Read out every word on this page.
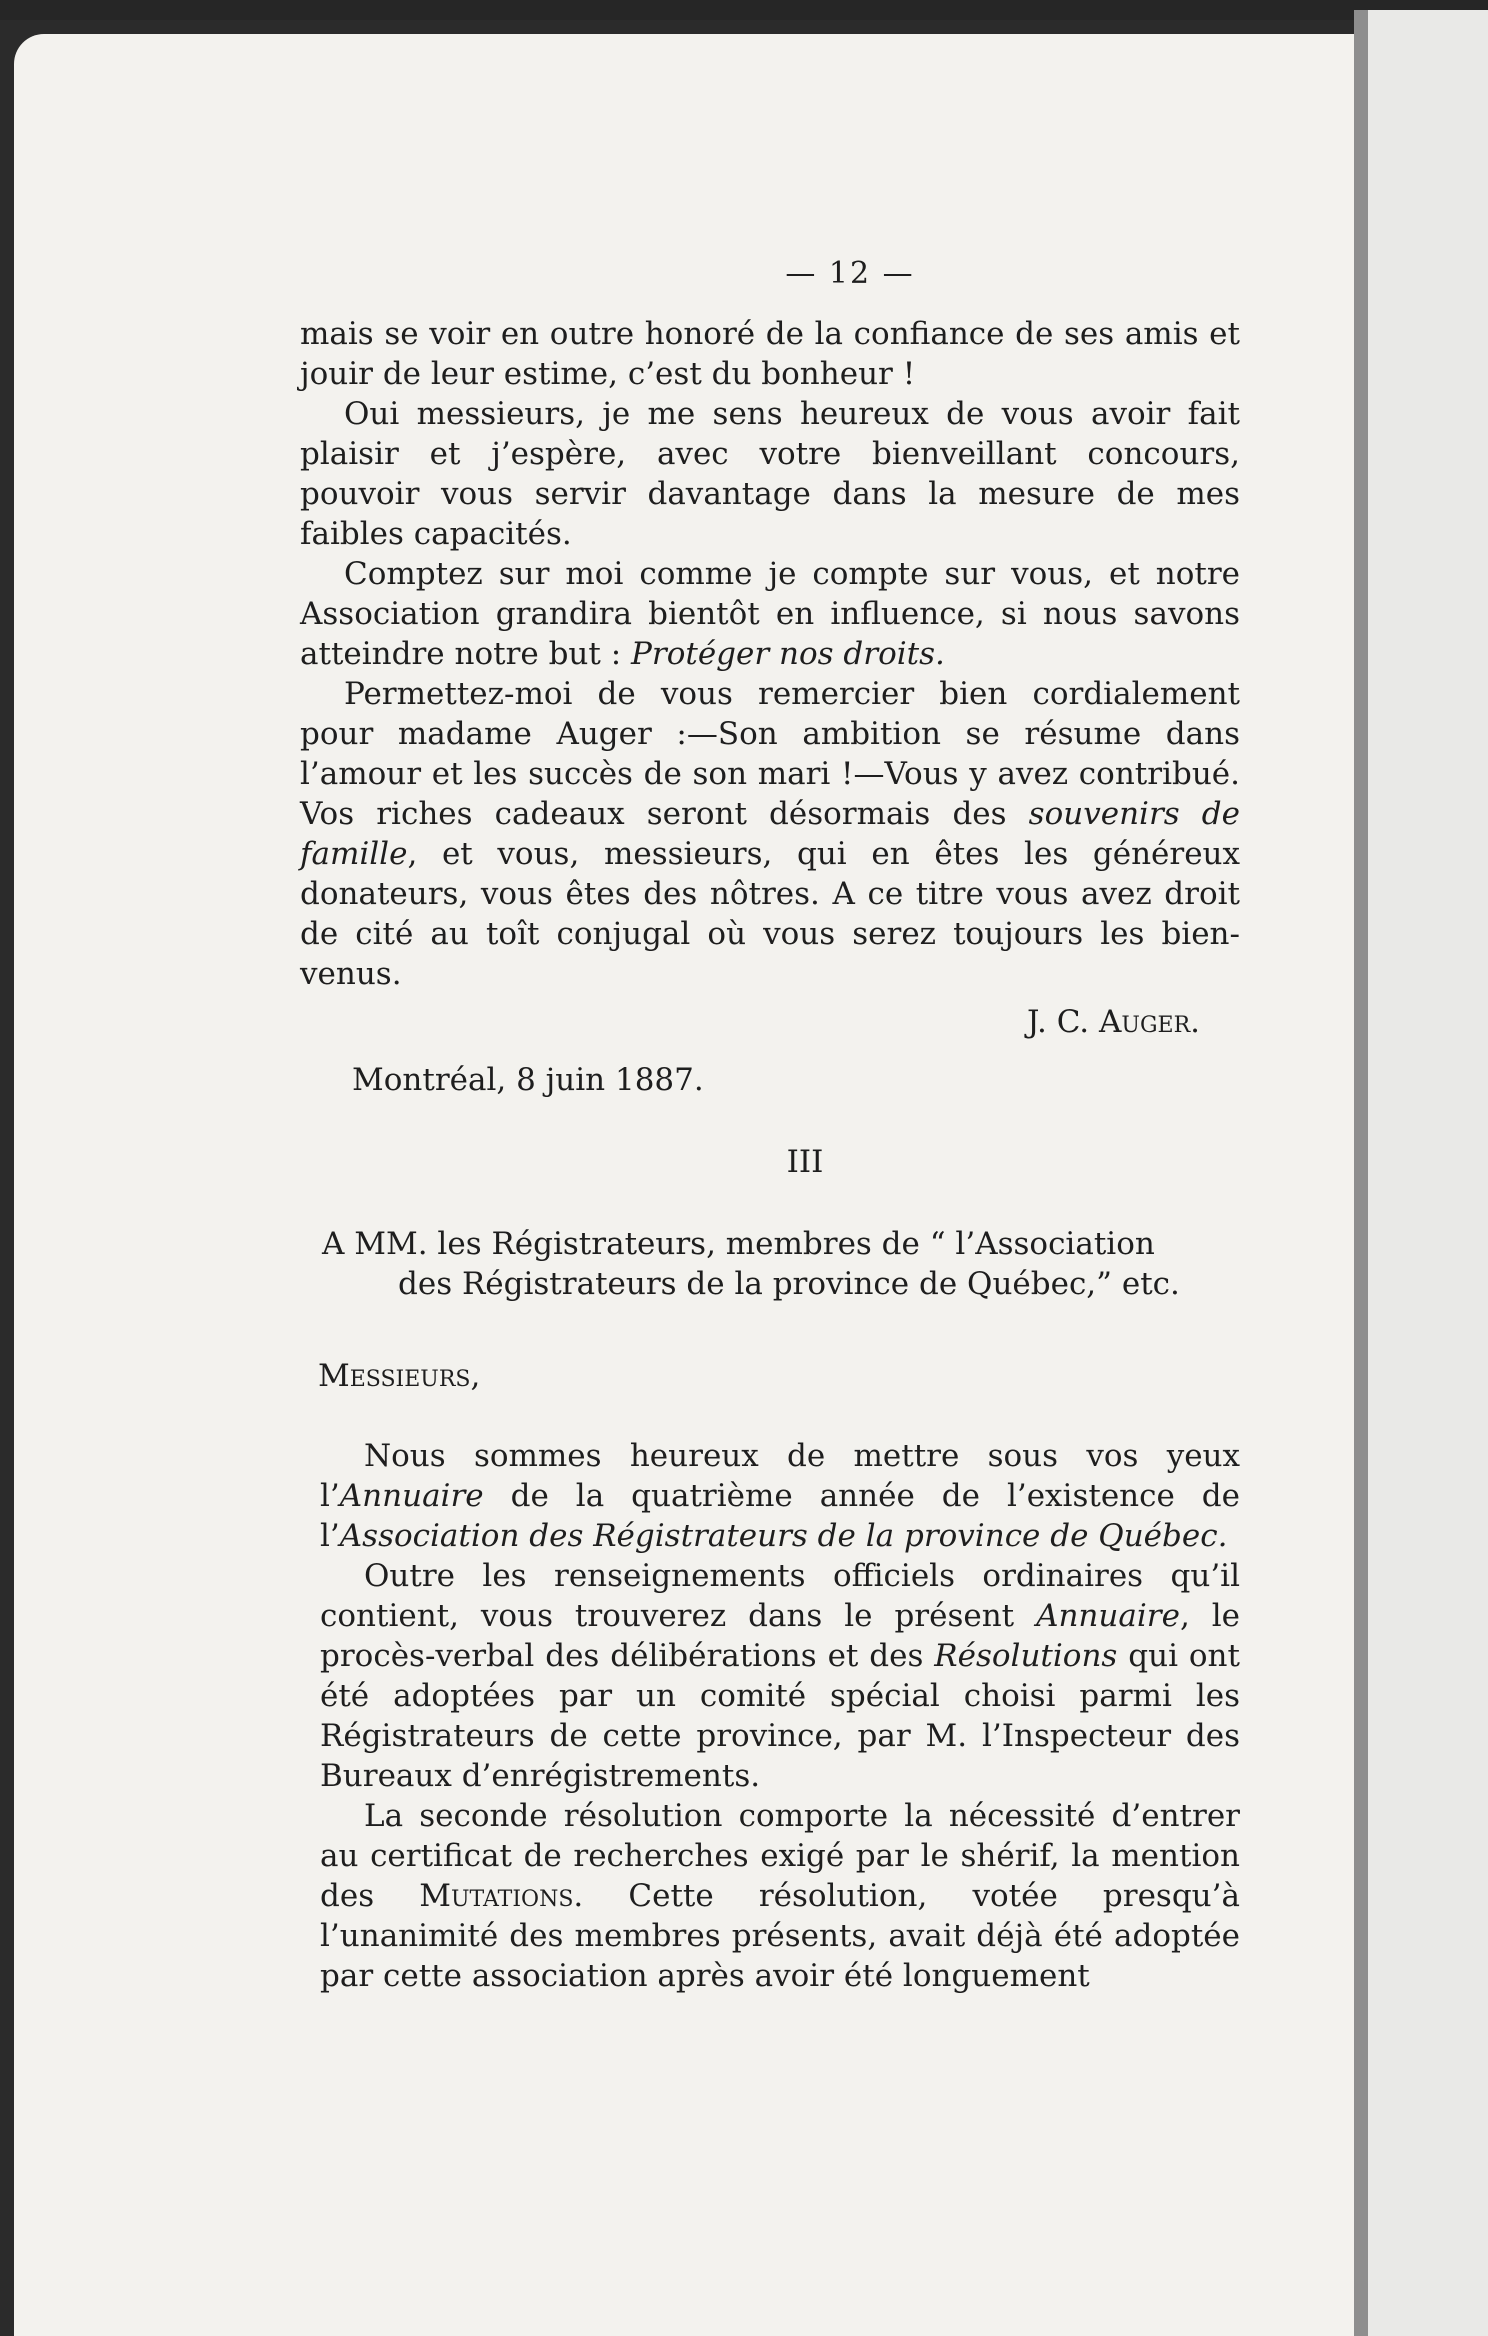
— 12 —

mais se voir en outre honoré de la confiance de ses amis et jouir de leur estime, c’est du bonheur !

Oui messieurs, je me sens heureux de vous avoir fait plaisir et j’espère, avec votre bienveillant concours, pouvoir vous servir davantage dans la mesure de mes faibles capacités.

Comptez sur moi comme je compte sur vous, et notre Association grandira bientôt en influence, si nous savons atteindre notre but : Protéger nos droits.

Permettez-moi de vous remercier bien cordialement pour madame Auger :—Son ambition se résume dans l’amour et les succès de son mari !—Vous y avez contribué. Vos riches cadeaux seront désormais des souvenirs de famille, et vous, messieurs, qui en êtes les généreux donateurs, vous êtes des nôtres. A ce titre vous avez droit de cité au toît conjugal où vous serez toujours les bien-venus.

J. C. Auger.

Montréal, 8 juin 1887.

III
A MM. les Régistrateurs, membres de “ l’Association
des Régistrateurs de la province de Québec,” etc.
Messieurs,

Nous sommes heureux de mettre sous vos yeux l’Annuaire de la quatrième année de l’existence de l’Association des Régistrateurs de la province de Québec.

Outre les renseignements officiels ordinaires qu’il contient, vous trouverez dans le présent Annuaire, le procès-verbal des délibérations et des Résolutions qui ont été adoptées par un comité spécial choisi parmi les Régistrateurs de cette province, par M. l’Inspecteur des Bureaux d’enrégistrements.

La seconde résolution comporte la nécessité d’entrer au certificat de recherches exigé par le shérif, la mention des Mutations. Cette résolution, votée presqu’à l’unanimité des membres présents, avait déjà été adoptée par cette association après avoir été longuement
